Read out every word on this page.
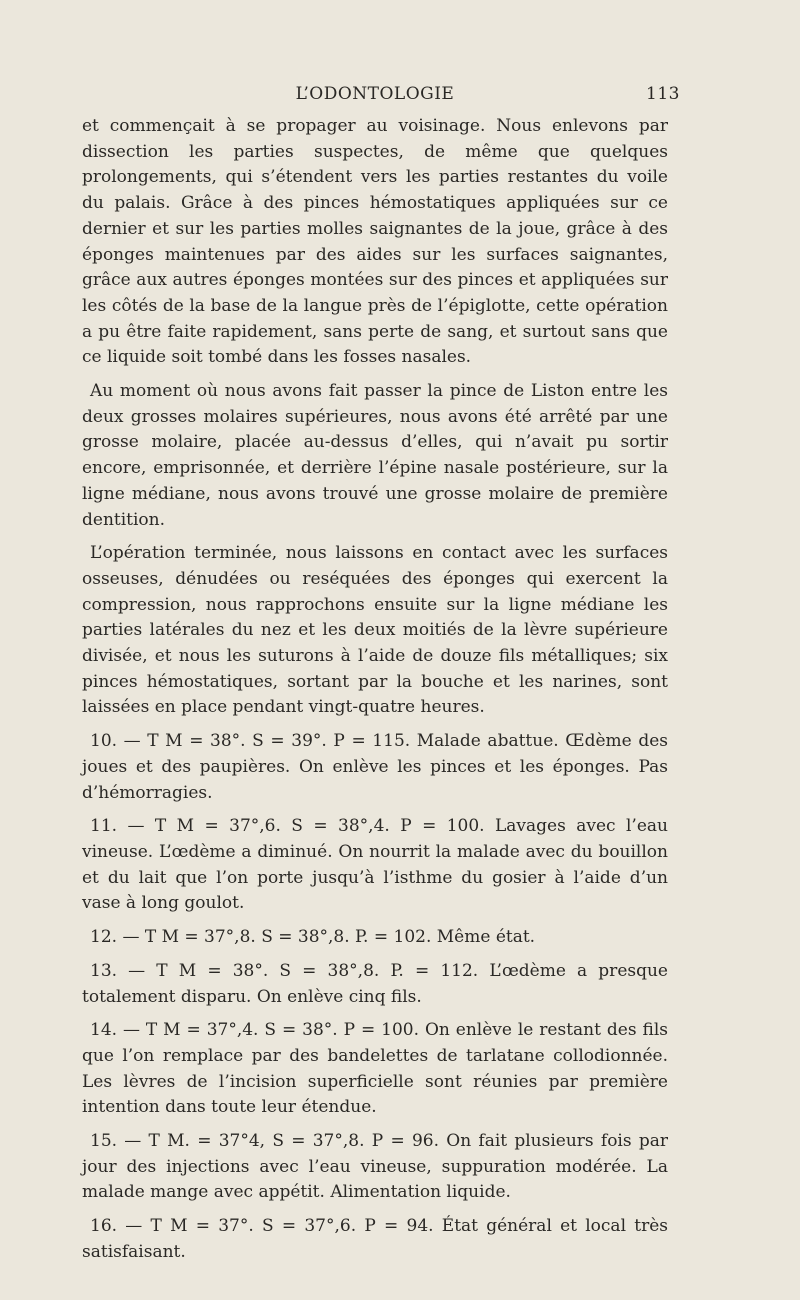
L’ODONTOLOGIE	113

et commençait à se propager au voisinage. Nous enlevons par dissection les parties suspectes, de même que quelques prolongements, qui s’étendent vers les parties restantes du voile du palais. Grâce à des pinces hémostatiques appliquées sur ce dernier et sur les parties molles saignantes de la joue, grâce à des éponges maintenues par des aides sur les surfaces saignantes, grâce aux autres éponges montées sur des pinces et appliquées sur les côtés de la base de la langue près de l’épiglotte, cette opération a pu être faite rapidement, sans perte de sang, et surtout sans que ce liquide soit tombé dans les fosses nasales.

Au moment où nous avons fait passer la pince de Liston entre les deux grosses molaires supérieures, nous avons été arrêté par une grosse molaire, placée au-dessus d’elles, qui n’avait pu sortir encore, emprisonnée, et derrière l’épine nasale postérieure, sur la ligne médiane, nous avons trouvé une grosse molaire de première dentition.

L’opération terminée, nous laissons en contact avec les surfaces osseuses, dénudées ou reséquées des éponges qui exercent la compression, nous rapprochons ensuite sur la ligne médiane les parties latérales du nez et les deux moitiés de la lèvre supérieure divisée, et nous les suturons à l’aide de douze fils métalliques; six pinces hémostatiques, sortant par la bouche et les narines, sont laissées en place pendant vingt-quatre heures.

10. — T M = 38°. S = 39°. P = 115. Malade abattue. Œdème des joues et des paupières. On enlève les pinces et les éponges. Pas d’hémorragies.

11. — T M = 37°,6. S = 38°,4. P = 100. Lavages avec l’eau vineuse. L’œdème a diminué. On nourrit la malade avec du bouillon et du lait que l’on porte jusqu’à l’isthme du gosier à l’aide d’un vase à long goulot.

12. — T M = 37°,8. S = 38°,8. P. = 102. Même état.

13. — T M = 38°. S = 38°,8. P. = 112. L’œdème a presque totalement disparu. On enlève cinq fils.

14. — T M = 37°,4. S = 38°. P = 100. On enlève le restant des fils que l’on remplace par des bandelettes de tarlatane collodionnée. Les lèvres de l’incision superficielle sont réunies par première intention dans toute leur étendue.

15. — T M. = 37°4, S = 37°,8. P = 96. On fait plusieurs fois par jour des injections avec l’eau vineuse, suppuration modérée. La malade mange avec appétit. Alimentation liquide.

16. — T M = 37°. S = 37°,6. P = 94. État général et local très satisfaisant.
